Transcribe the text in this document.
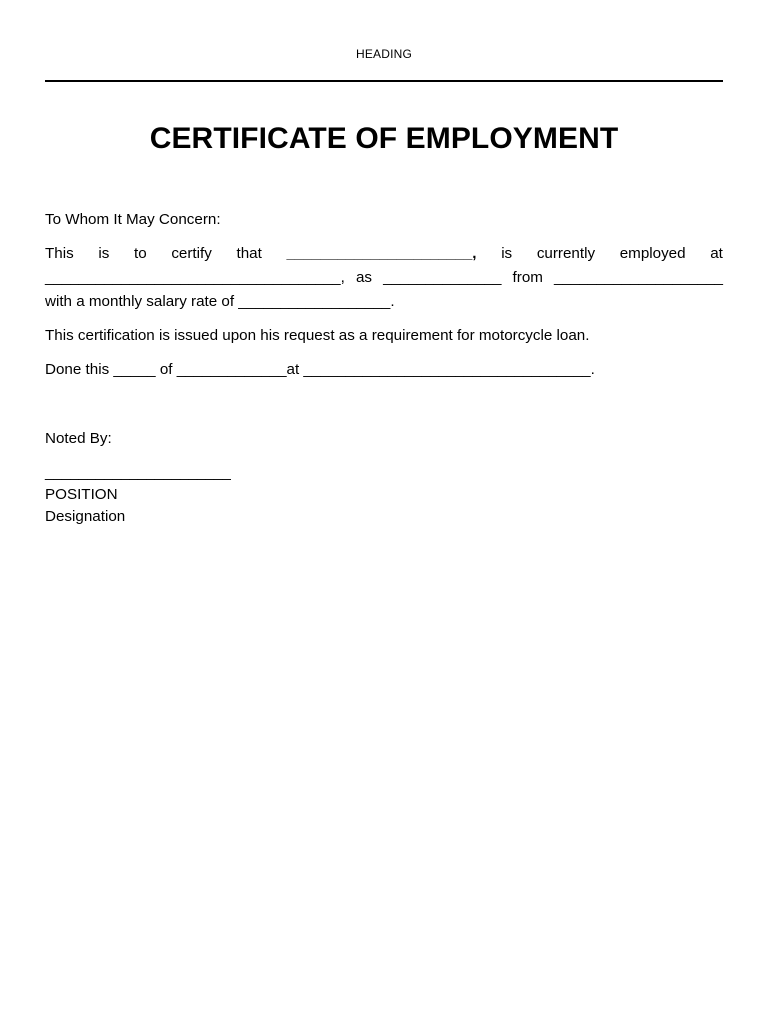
HEADING
CERTIFICATE OF EMPLOYMENT

To Whom It May Concern:

This is to certify that ______________________, is currently employed at
___________________________________, as ______________ from ____________________

with a monthly salary rate of __________________.

This certification is issued upon his request as a requirement for motorcycle loan.

Done this _____ of _____________at __________________________________.

Noted By:

______________________

POSITION

Designation
